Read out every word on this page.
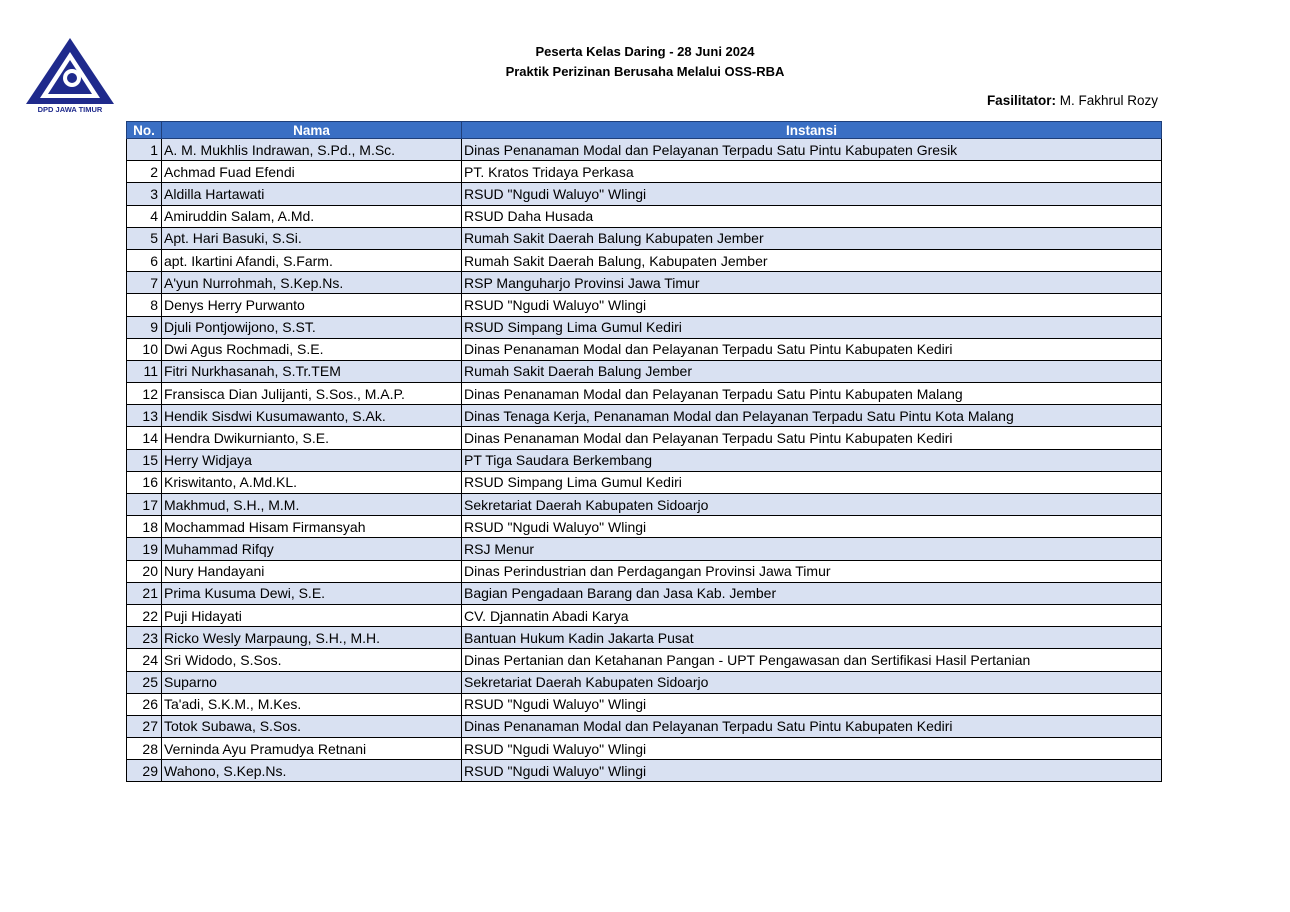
DPD JAWA TIMUR
Peserta Kelas Daring - 28 Juni 2024
Praktik Perizinan Berusaha Melalui OSS-RBA
Fasilitator: M. Fakhrul Rozy
No.	Nama	Instansi
1	A. M. Mukhlis Indrawan, S.Pd., M.Sc.	Dinas Penanaman Modal dan Pelayanan Terpadu Satu Pintu Kabupaten Gresik
2	Achmad Fuad Efendi	PT. Kratos Tridaya Perkasa
3	Aldilla Hartawati	RSUD "Ngudi Waluyo" Wlingi
4	Amiruddin Salam, A.Md.	RSUD Daha Husada
5	Apt. Hari Basuki, S.Si.	Rumah Sakit Daerah Balung Kabupaten Jember
6	apt. Ikartini Afandi, S.Farm.	Rumah Sakit Daerah Balung, Kabupaten Jember
7	A'yun Nurrohmah, S.Kep.Ns.	RSP Manguharjo Provinsi Jawa Timur
8	Denys Herry Purwanto	RSUD "Ngudi Waluyo" Wlingi
9	Djuli Pontjowijono, S.ST.	RSUD Simpang Lima Gumul Kediri
10	Dwi Agus Rochmadi, S.E.	Dinas Penanaman Modal dan Pelayanan Terpadu Satu Pintu Kabupaten Kediri
11	Fitri Nurkhasanah, S.Tr.TEM	Rumah Sakit Daerah Balung Jember
12	Fransisca Dian Julijanti, S.Sos., M.A.P.	Dinas Penanaman Modal dan Pelayanan Terpadu Satu Pintu Kabupaten Malang
13	Hendik Sisdwi Kusumawanto, S.Ak.	Dinas Tenaga Kerja, Penanaman Modal dan Pelayanan Terpadu Satu Pintu Kota Malang
14	Hendra Dwikurnianto, S.E.	Dinas Penanaman Modal dan Pelayanan Terpadu Satu Pintu Kabupaten Kediri
15	Herry Widjaya	PT Tiga Saudara Berkembang
16	Kriswitanto, A.Md.KL.	RSUD Simpang Lima Gumul Kediri
17	Makhmud, S.H., M.M.	Sekretariat Daerah Kabupaten Sidoarjo
18	Mochammad Hisam Firmansyah	RSUD "Ngudi Waluyo" Wlingi
19	Muhammad Rifqy	RSJ Menur
20	Nury Handayani	Dinas Perindustrian dan Perdagangan Provinsi Jawa Timur
21	Prima Kusuma Dewi, S.E.	Bagian Pengadaan Barang dan Jasa Kab. Jember
22	Puji Hidayati	CV. Djannatin Abadi Karya
23	Ricko Wesly Marpaung, S.H., M.H.	Bantuan Hukum Kadin Jakarta Pusat
24	Sri Widodo, S.Sos.	Dinas Pertanian dan Ketahanan Pangan - UPT Pengawasan dan Sertifikasi Hasil Pertanian
25	Suparno	Sekretariat Daerah Kabupaten Sidoarjo
26	Ta'adi, S.K.M., M.Kes.	RSUD "Ngudi Waluyo" Wlingi
27	Totok Subawa, S.Sos.	Dinas Penanaman Modal dan Pelayanan Terpadu Satu Pintu Kabupaten Kediri
28	Verninda Ayu Pramudya Retnani	RSUD "Ngudi Waluyo" Wlingi
29	Wahono, S.Kep.Ns.	RSUD "Ngudi Waluyo" Wlingi
